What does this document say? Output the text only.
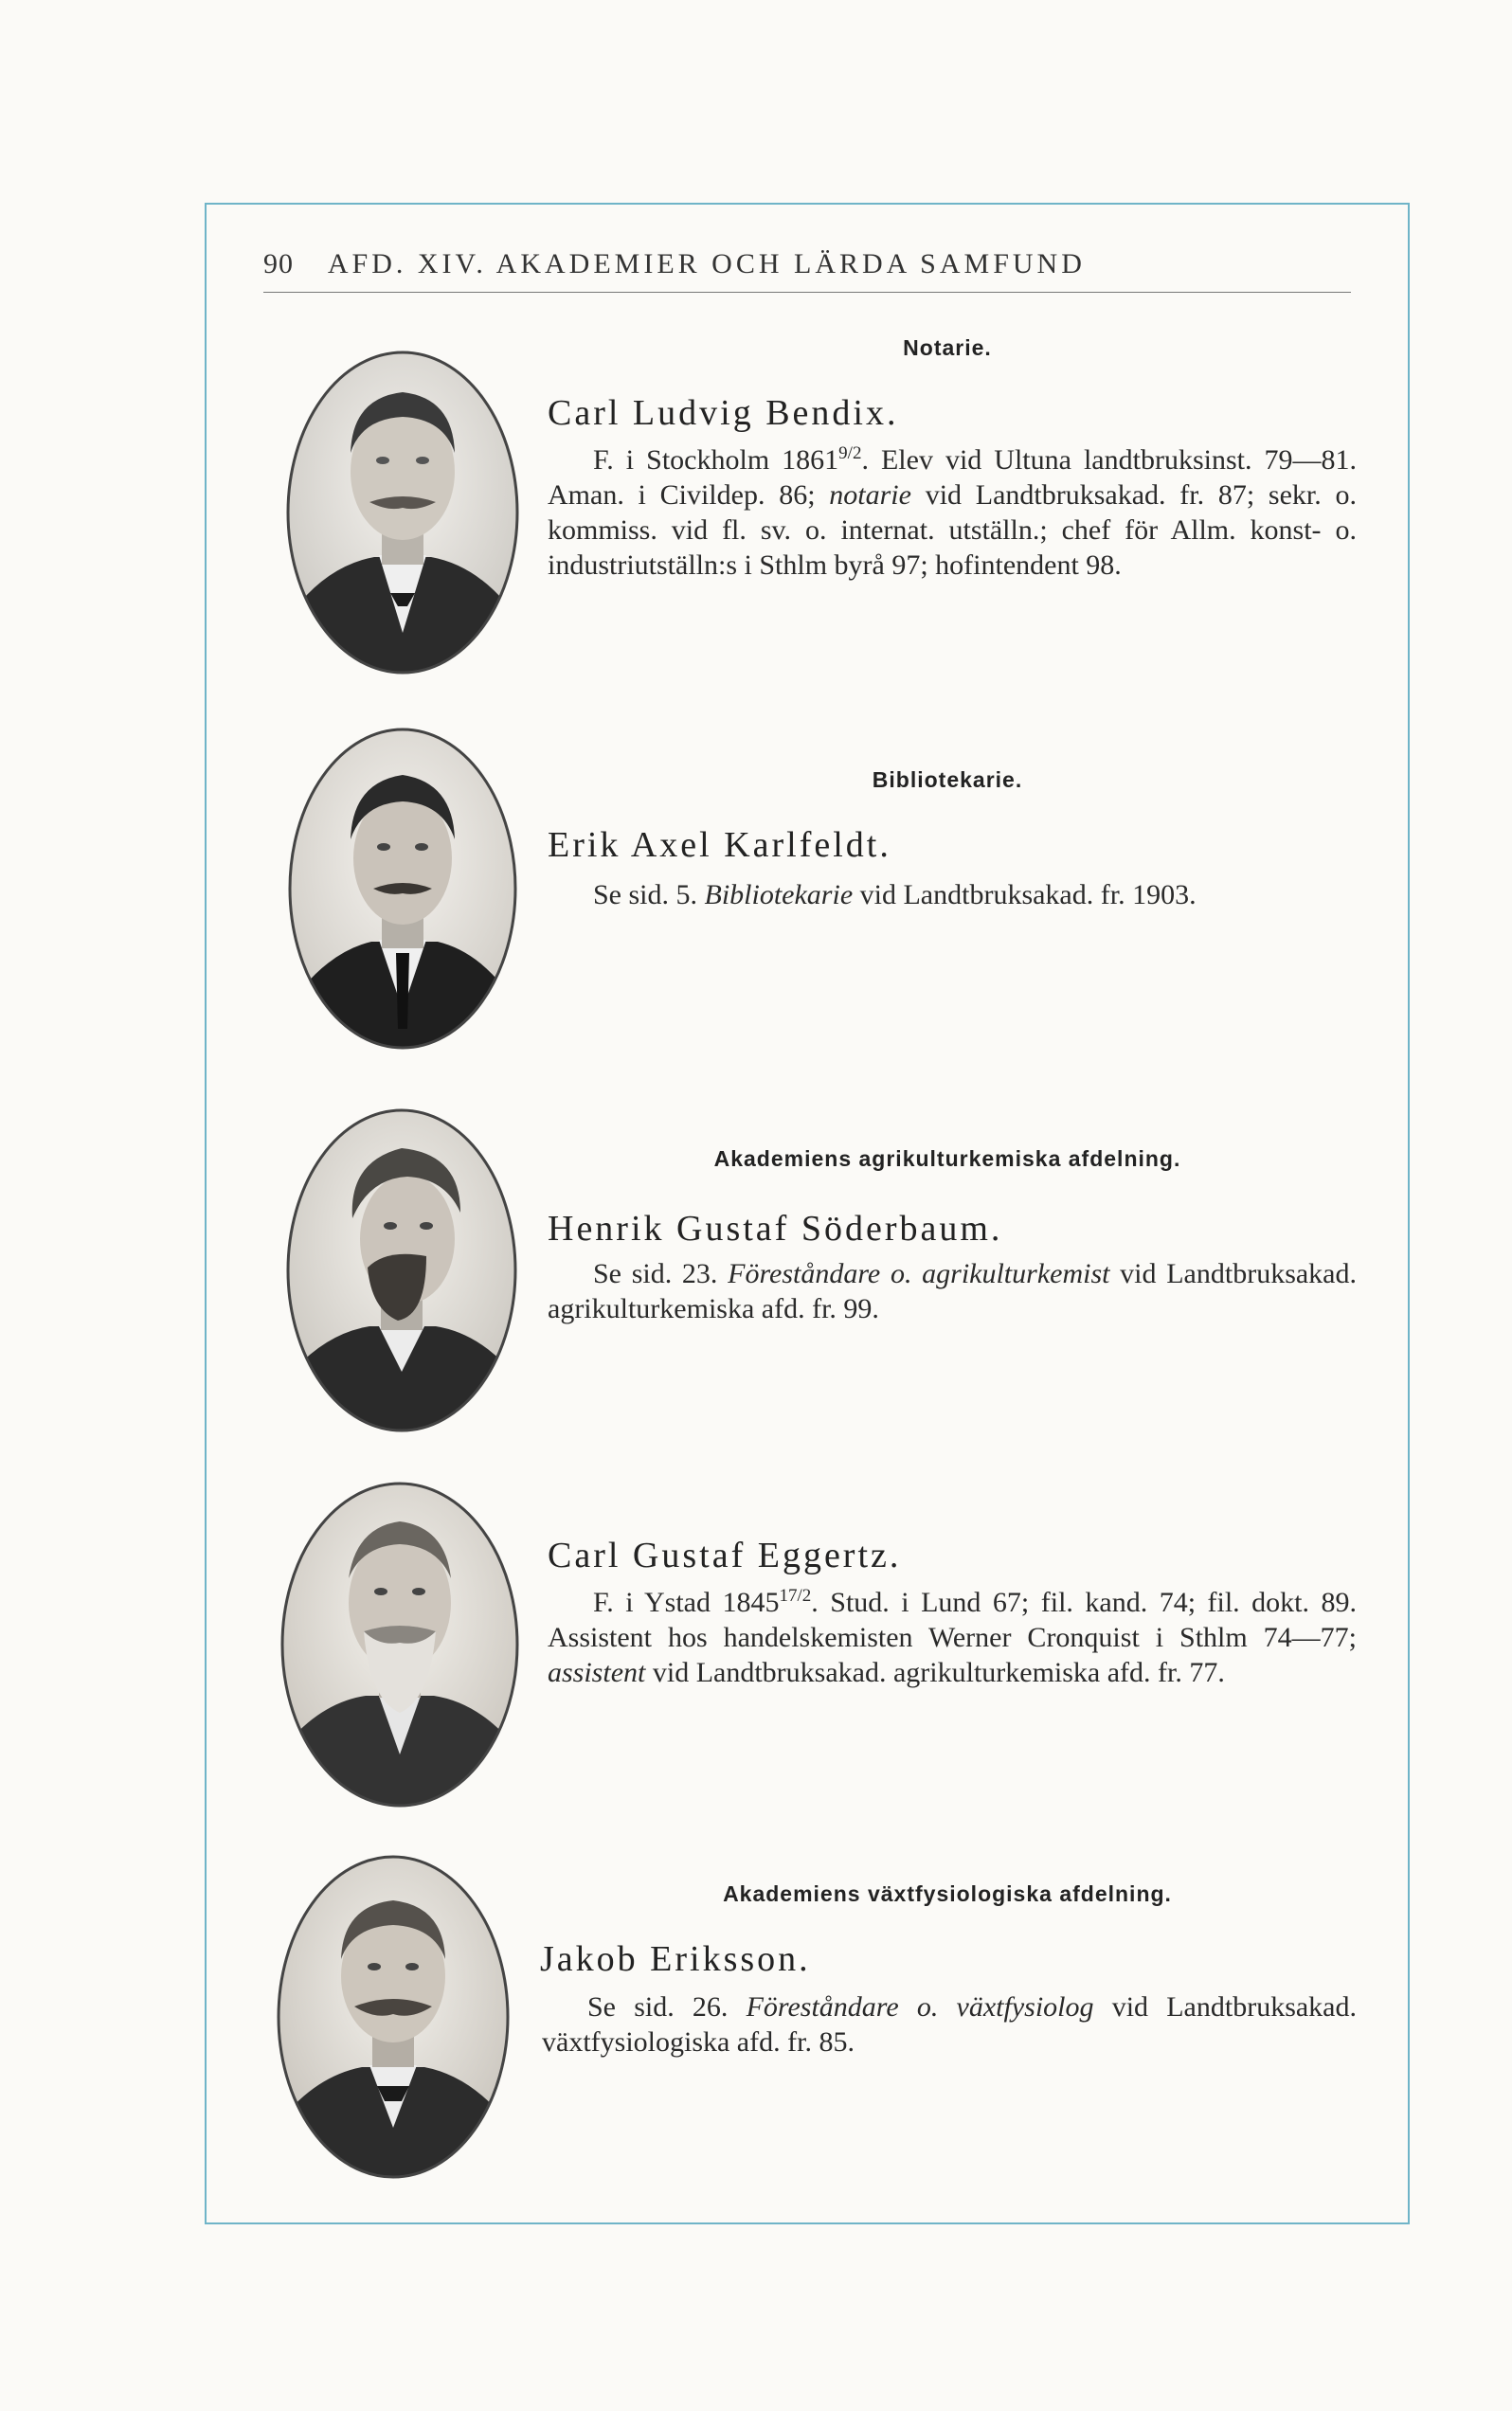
90 AFD. XIV. AKADEMIER OCH LÄRDA SAMFUND
Notarie.
Carl Ludvig Bendix.
F. i Stockholm $1861^{9/2}$. Elev vid Ultuna landtbruksinst. 79—81. Aman. i Civildep. 86; notarie vid Landtbruksakad. fr. 87; sekr. o. kommiss. vid fl. sv. o. internat. utställn.; chef för Allm. konst- o. industriutställn:s i Sthlm byrå 97; hofintendent 98.
Bibliotekarie.
Erik Axel Karlfeldt.
Se sid. 5. Bibliotekarie vid Landtbruksakad. fr. 1903.
Akademiens agrikulturkemiska afdelning.
Henrik Gustaf Söderbaum.
Se sid. 23. Föreståndare o. agrikulturkemist vid Landtbruksakad. agrikulturkemiska afd. fr. 99.
Carl Gustaf Eggertz.
F. i Ystad $1845^{17/2}$. Stud. i Lund 67; fil. kand. 74; fil. dokt. 89. Assistent hos handelskemisten Werner Cronquist i Sthlm 74—77; assistent vid Landtbruksakad. agrikulturkemiska afd. fr. 77.
Akademiens växtfysiologiska afdelning.
Jakob Eriksson.
Se sid. 26. Föreståndare o. växtfysiolog vid Landtbruksakad. växtfysiologiska afd. fr. 85.
